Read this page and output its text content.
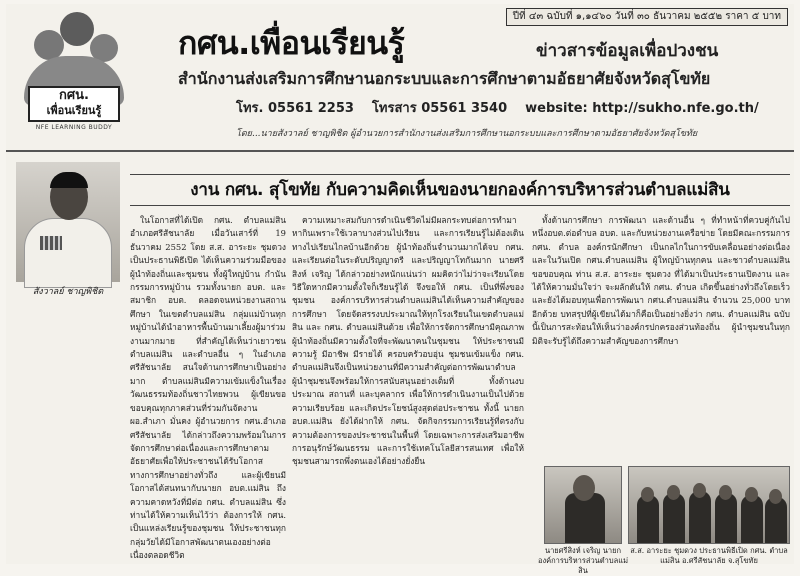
ปีที่ ๔๓ ฉบับที่ ๑,๑๔๖๐ วันที่ ๓๐ ธันวาคม ๒๕๕๒ ราคา ๕ บาท
กศน.
เพื่อนเรียนรู้
NFE LEARNING BUDDY
กศน.เพื่อนเรียนรู้	ข่าวสารข้อมูลเพื่อปวงชน
สำนักงานส่งเสริมการศึกษานอกระบบและการศึกษาตามอัธยาศัยจังหวัดสุโขทัย
โทร. 05561 2253 โทรสาร 05561 3540 website: http://sukho.nfe.go.th/
โดย...นายสังวาลย์ ชาญพิชิต ผู้อำนวยการสำนักงานส่งเสริมการศึกษานอกระบบและการศึกษาตามอัธยาศัยจังหวัดสุโขทัย
สังวาลย์ ชาญพิชิต
งาน กศน. สุโขทัย กับความคิดเห็นของนายกองค์การบริหารส่วนตำบลแม่สิน

ในโอกาสที่ได้เปิด กศน. ตำบลแม่สิน อำเภอศรีสัชนาลัย เมื่อวันเสาร์ที่ 19 ธันวาคม 2552 โดย ส.ส. อาระยะ ชุมดวง เป็นประธานพิธีเปิด ได้เห็นความร่วมมือของผู้นำท้องถิ่นและชุมชน ทั้งผู้ใหญ่บ้าน กำนัน กรรมการหมู่บ้าน รวมทั้งนายก อบต. และสมาชิก อบต. ตลอดจนหน่วยงานสถานศึกษา ในเขตตำบลแม่สิน กลุ่มแม่บ้านทุกหมู่บ้านได้นำอาหารพื้นบ้านมาเลี้ยงผู้มาร่วมงานมากมาย ที่สำคัญได้เห็นว่าเยาวชนตำบลแม่สิน และตำบลอื่น ๆ ในอำเภอศรีสัชนาลัย สนใจด้านการศึกษาเป็นอย่างมาก ตำบลแม่สินมีความเข้มแข็งในเรื่องวัฒนธรรมท้องถิ่นชาวไทยพวน ผู้เขียนขอขอบคุณทุกภาคส่วนที่ร่วมกันจัดงาน ผอ.สำเภา มั่นคง ผู้อำนวยการ กศน.อำเภอศรีสัชนาลัย ได้กล่าวถึงความพร้อมในการจัดการศึกษาต่อเนื่องและการศึกษาตามอัธยาศัยเพื่อให้ประชาชนได้รับโอกาสทางการศึกษาอย่างทั่วถึง และผู้เขียนมีโอกาสได้สนทนากับนายก อบต.แม่สิน ถึงความคาดหวังที่มีต่อ กศน. ตำบลแม่สิน ซึ่งท่านได้ให้ความเห็นไว้ว่า ต้องการให้ กศน. เป็นแหล่งเรียนรู้ของชุมชน ให้ประชาชนทุกกลุ่มวัยได้มีโอกาสพัฒนาตนเองอย่างต่อเนื่องตลอดชีวิต

ความเหมาะสมกับการดำเนินชีวิตไม่มีผลกระทบต่อการทำมาหากินเพราะใช้เวลาบางส่วนไปเรียน และการเรียนรู้ไม่ต้องเดินทางไปเรียนไกลบ้านอีกด้วย ผู้นำท้องถิ่นจำนวนมากได้จบ กศน. และเรียนต่อในระดับปริญญาตรี และปริญญาโทกันมาก นายศรีสิงห์ เจริญ ได้กล่าวอย่างหนักแน่นว่า ผมคิดว่าไม่ว่าจะเรียนโดยวิธีใดหากมีความตั้งใจก็เรียนรู้ได้ จึงขอให้ กศน. เป็นที่พึ่งของชุมชน องค์การบริหารส่วนตำบลแม่สินได้เห็นความสำคัญของการศึกษา โดยจัดสรรงบประมาณให้ทุกโรงเรียนในเขตตำบลแม่สิน และ กศน. ตำบลแม่สินด้วย เพื่อให้การจัดการศึกษามีคุณภาพ ผู้นำท้องถิ่นมีความตั้งใจที่จะพัฒนาคนในชุมชน ให้ประชาชนมีความรู้ มีอาชีพ มีรายได้ ครอบครัวอบอุ่น ชุมชนเข้มแข็ง กศน. ตำบลแม่สินจึงเป็นหน่วยงานที่มีความสำคัญต่อการพัฒนาตำบล ผู้นำชุมชนจึงพร้อมให้การสนับสนุนอย่างเต็มที่ ทั้งด้านงบประมาณ สถานที่ และบุคลากร เพื่อให้การดำเนินงานเป็นไปด้วยความเรียบร้อย และเกิดประโยชน์สูงสุดต่อประชาชน ทั้งนี้ นายก อบต.แม่สิน ยังได้ฝากให้ กศน. จัดกิจกรรมการเรียนรู้ที่ตรงกับความต้องการของประชาชนในพื้นที่ โดยเฉพาะการส่งเสริมอาชีพ การอนุรักษ์วัฒนธรรม และการใช้เทคโนโลยีสารสนเทศ เพื่อให้ชุมชนสามารถพึ่งตนเองได้อย่างยั่งยืน

ทั้งด้านการศึกษา การพัฒนา และด้านอื่น ๆ ที่ทำหน้าที่ควบคู่กันไป หนึ่งอบต.ต่อตำบล อบต. และกับหน่วยงานเครือข่าย โดยมีคณะกรรมการ กศน. ตำบล องค์กรนักศึกษา เป็นกลไกในการขับเคลื่อนอย่างต่อเนื่อง และในวันเปิด กศน.ตำบลแม่สิน ผู้ใหญ่บ้านทุกคน และชาวตำบลแม่สิน ขอขอบคุณ ท่าน ส.ส. อาระยะ ชุมดวง ที่ได้มาเป็นประธานเปิดงาน และได้ให้ความมั่นใจว่า จะผลักดันให้ กศน. ตำบล เกิดขึ้นอย่างทั่วถึงโดยเร็ว และยังได้มอบทุนเพื่อการพัฒนา กศน.ตำบลแม่สิน จำนวน 25,000 บาทอีกด้วย บทสรุปที่ผู้เขียนได้มาก็คือเป็นอย่างยิ่งว่า กศน. ตำบลแม่สิน ฉบับนี้เป็นการสะท้อนให้เห็นว่าองค์กรปกครองส่วนท้องถิ่น ผู้นำชุมชนในทุกมิติจะรับรู้ได้ถึงความสำคัญของการศึกษา

นายศรีสิงห์ เจริญ นายกองค์การบริหารส่วนตำบลแม่สิน
ส.ส. อาระยะ ชุมดวง ประธานพิธีเปิด กศน. ตำบลแม่สิน อ.ศรีสัชนาลัย จ.สุโขทัย
